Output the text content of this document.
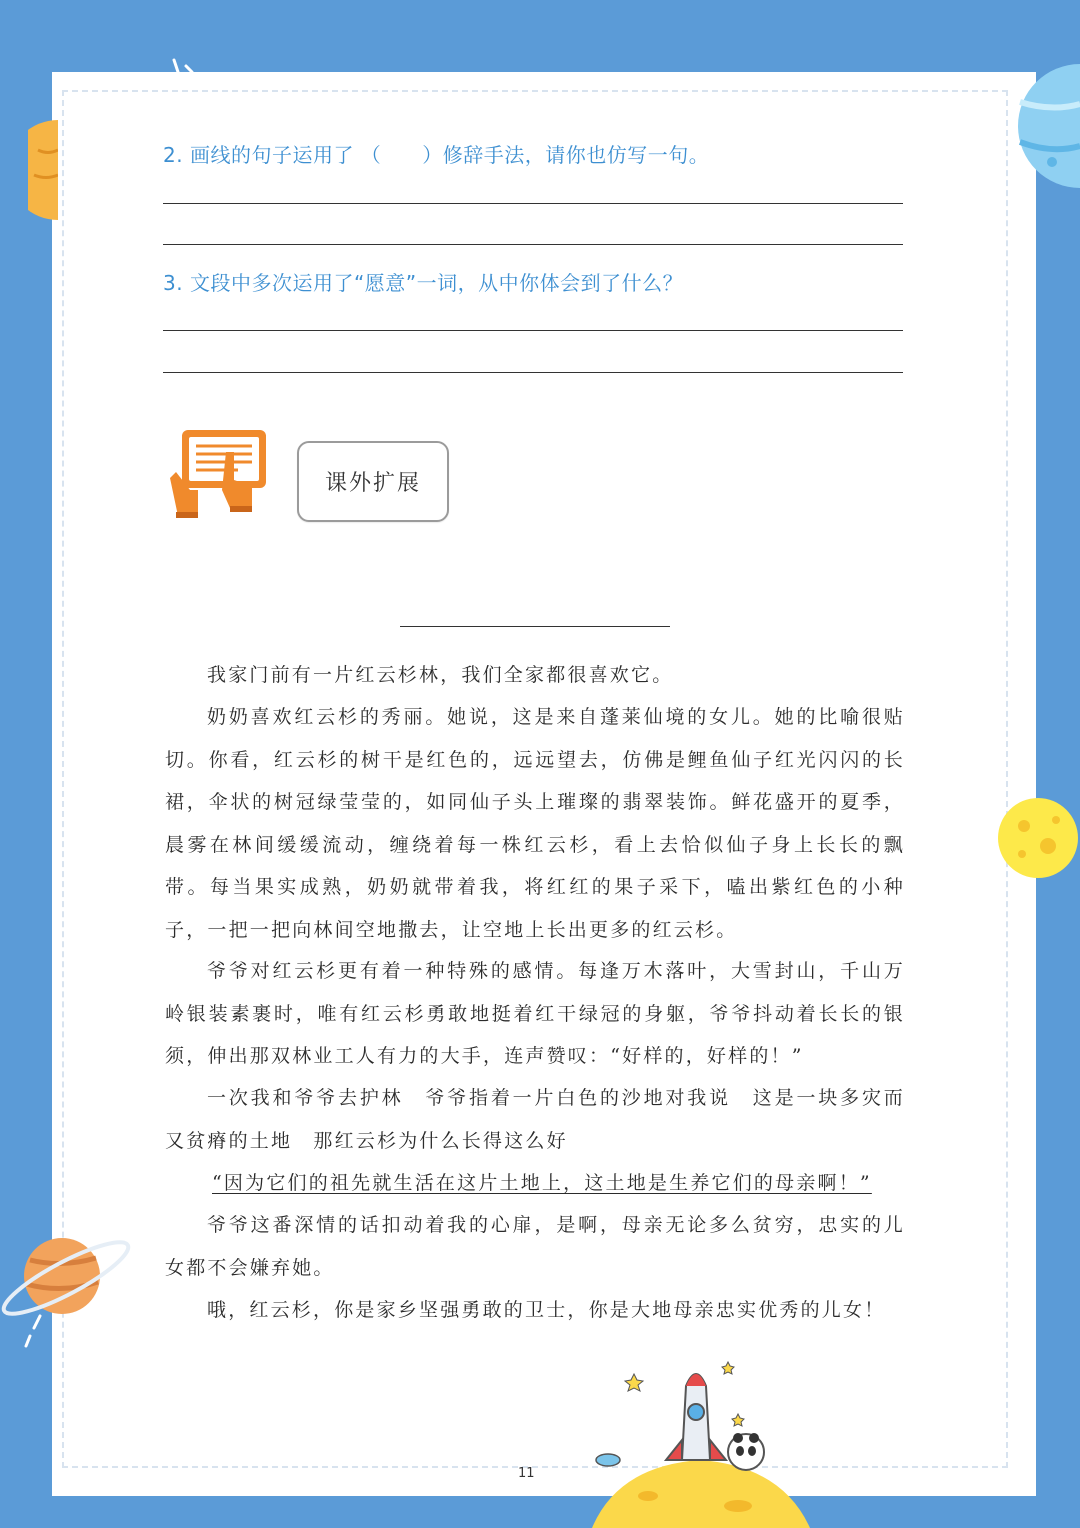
2. 画线的句子运用了 （　　）修辞手法，请你也仿写一句。
3. 文段中多次运用了“愿意”一词，从中你体会到了什么？
课外扩展

我家门前有一片红云杉林，我们全家都很喜欢它。

奶奶喜欢红云杉的秀丽。她说，这是来自蓬莱仙境的女儿。她的比喻很贴切。你看，红云杉的树干是红色的，远远望去，仿佛是鲤鱼仙子红光闪闪的长裙，伞状的树冠绿莹莹的，如同仙子头上璀璨的翡翠装饰。鲜花盛开的夏季，晨雾在林间缓缓流动，缠绕着每一株红云杉，看上去恰似仙子身上长长的飘带。每当果实成熟，奶奶就带着我，将红红的果子采下，嗑出紫红色的小种子，一把一把向林间空地撒去，让空地上长出更多的红云杉。

爷爷对红云杉更有着一种特殊的感情。每逢万木落叶，大雪封山，千山万岭银装素裹时，唯有红云杉勇敢地挺着红干绿冠的身躯，爷爷抖动着长长的银须，伸出那双林业工人有力的大手，连声赞叹：“好样的，好样的！”

一次我和爷爷去护林　爷爷指着一片白色的沙地对我说　这是一块多灾而又贫瘠的土地　那红云杉为什么长得这么好

“因为它们的祖先就生活在这片土地上，这土地是生养它们的母亲啊！”

爷爷这番深情的话扣动着我的心扉，是啊，母亲无论多么贫穷，忠实的儿女都不会嫌弃她。

哦，红云杉，你是家乡坚强勇敢的卫士，你是大地母亲忠实优秀的儿女！

11
